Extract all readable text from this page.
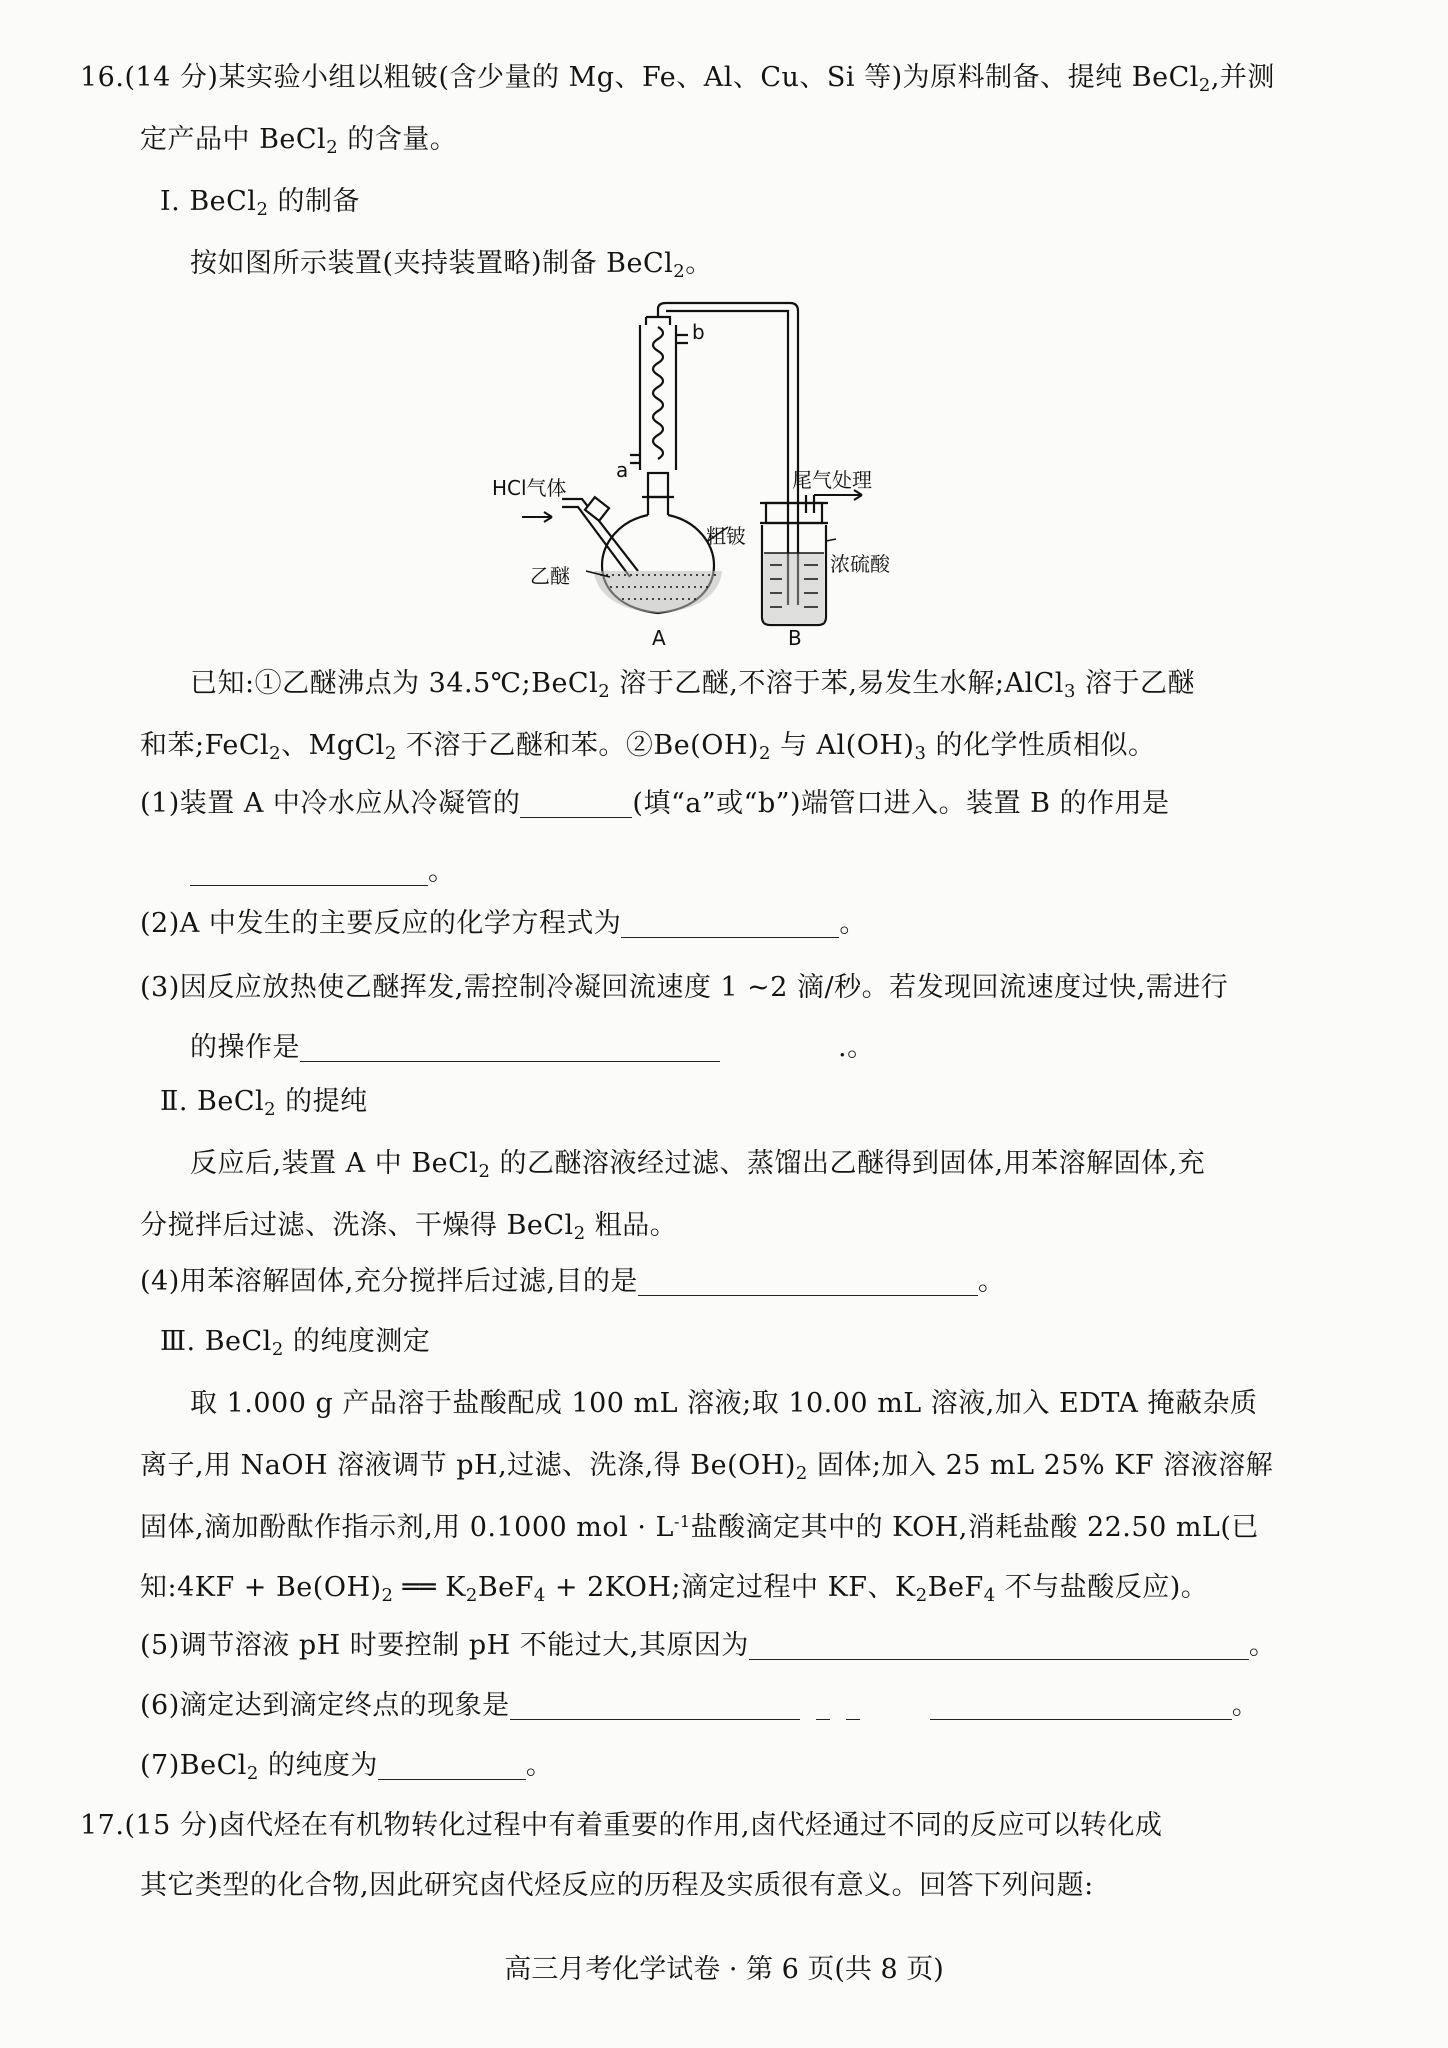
16.(14 分)某实验小组以粗铍(含少量的 Mg、Fe、Al、Cu、Si 等)为原料制备、提纯 BeCl$_2$,并测
定产品中 BeCl$_2$ 的含量。
Ⅰ. BeCl$_2$ 的制备
按如图所示装置(夹持装置略)制备 BeCl$_2$。
b
a
HCl气体	尾气处理
粗铍
乙醚	浓硫酸
A	B
已知:①乙醚沸点为 34.5℃;BeCl$_2$ 溶于乙醚,不溶于苯,易发生水解;AlCl$_3$ 溶于乙醚
和苯;FeCl$_2$、MgCl$_2$ 不溶于乙醚和苯。$②Be(OH)_2$ 与 $Al(OH)_3$ 的化学性质相似。
(1)装置 A 中冷水应从冷凝管的	(填“a”或“b”)端管口进入。装置 B 的作用是
。
(2)A 中发生的主要反应的化学方程式为	。
(3)因反应放热使乙醚挥发,需控制冷凝回流速度 1 ~2 滴/秒。若发现回流速度过快,需进行
的操作是	.。
Ⅱ. BeCl$_2$ 的提纯
反应后,装置 A 中 BeCl$_2$ 的乙醚溶液经过滤、蒸馏出乙醚得到固体,用苯溶解固体,充
分搅拌后过滤、洗涤、干燥得 BeCl$_2$ 粗品。
(4)用苯溶解固体,充分搅拌后过滤,目的是	。
Ⅲ. BeCl$_2$ 的纯度测定
取 1.000 g 产品溶于盐酸配成 100 mL 溶液;取 10.00 mL 溶液,加入 EDTA 掩蔽杂质
离子,用 NaOH 溶液调节 pH,过滤、洗涤,得 $Be(OH)_2$ 固体;加入 25 mL 25% KF 溶液溶解
固体,滴加酚酞作指示剂,用 0.1000 mol · $L^{-1}$盐酸滴定其中的 KOH,消耗盐酸 22.50 mL(已
知:4KF + $Be(OH)_2$ ══ $K_2BeF_4 + 2KOH$;滴定过程中 KF、$K_2BeF_4$ 不与盐酸反应)。
(5)调节溶液 pH 时要控制 pH 不能过大,其原因为	。
(6)滴定达到滴定终点的现象是	。
(7)BeCl$_2$ 的纯度为	。
17.(15 分)卤代烃在有机物转化过程中有着重要的作用,卤代烃通过不同的反应可以转化成
其它类型的化合物,因此研究卤代烃反应的历程及实质很有意义。回答下列问题:
高三月考化学试卷 · 第 6 页(共 8 页)
